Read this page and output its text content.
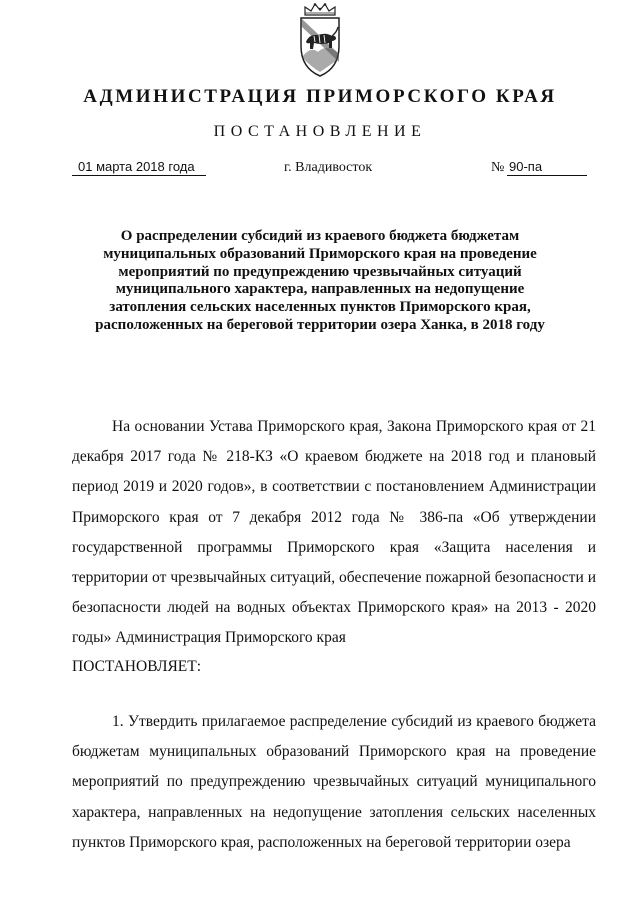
АДМИНИСТРАЦИЯ ПРИМОРСКОГО КРАЯ
ПОСТАНОВЛЕНИЕ
01 марта 2018 года	г. Владивосток	№ 90-па
О распределении субсидий из краевого бюджета бюджетам муниципальных образований Приморского края на проведение мероприятий по предупреждению чрезвычайных ситуаций муниципального характера, направленных на недопущение затопления сельских населенных пунктов Приморского края, расположенных на береговой территории озера Ханка, в 2018 году

На основании Устава Приморского края, Закона Приморского края от 21 декабря 2017 года № 218-КЗ «О краевом бюджете на 2018 год и плановый период 2019 и 2020 годов», в соответствии с постановлением Администрации Приморского края от 7 декабря 2012 года № 386-па «Об утверждении государственной программы Приморского края «Защита населения и территории от чрезвычайных ситуаций, обеспечение пожарной безопасности и безопасности людей на водных объектах Приморского края» на 2013 - 2020 годы» Администрация Приморского края

ПОСТАНОВЛЯЕТ:

1. Утвердить прилагаемое распределение субсидий из краевого бюджета бюджетам муниципальных образований Приморского края на проведение мероприятий по предупреждению чрезвычайных ситуаций муниципального характера, направленных на недопущение затопления сельских населенных пунктов Приморского края, расположенных на береговой территории озера
